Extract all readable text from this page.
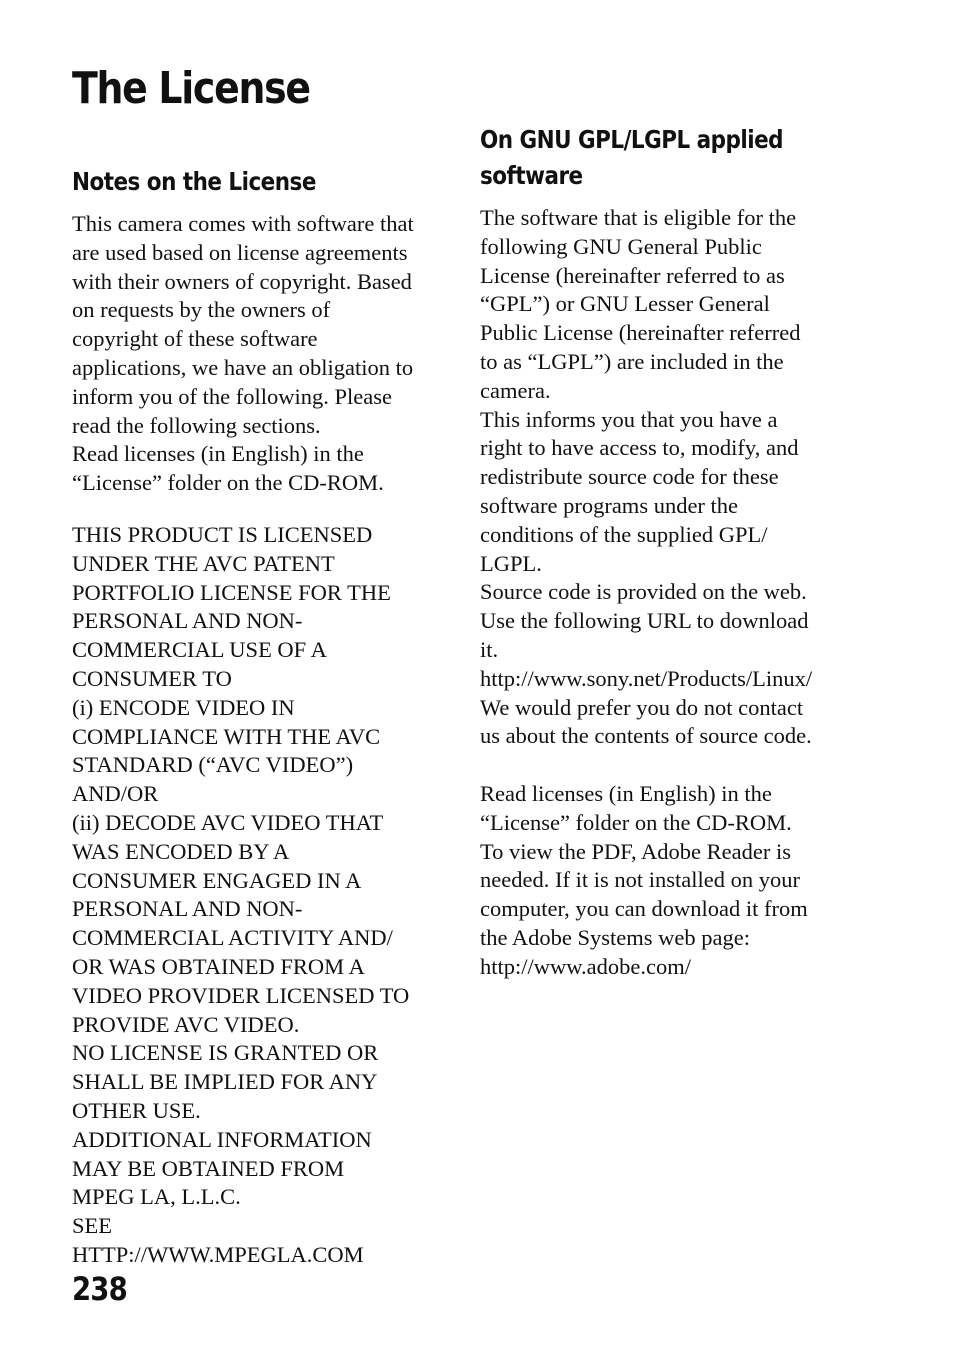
The License
Notes on the License
This camera comes with software that
are used based on license agreements
with their owners of copyright. Based
on requests by the owners of
copyright of these software
applications, we have an obligation to
inform you of the following. Please
read the following sections.
Read licenses (in English) in the
“License” folder on the CD-ROM.
THIS PRODUCT IS LICENSED
UNDER THE AVC PATENT
PORTFOLIO LICENSE FOR THE
PERSONAL AND NON-
COMMERCIAL USE OF A
CONSUMER TO
(i) ENCODE VIDEO IN
COMPLIANCE WITH THE AVC
STANDARD (“AVC VIDEO”)
AND/OR
(ii) DECODE AVC VIDEO THAT
WAS ENCODED BY A
CONSUMER ENGAGED IN A
PERSONAL AND NON-
COMMERCIAL ACTIVITY AND/
OR WAS OBTAINED FROM A
VIDEO PROVIDER LICENSED TO
PROVIDE AVC VIDEO.
NO LICENSE IS GRANTED OR
SHALL BE IMPLIED FOR ANY
OTHER USE.
ADDITIONAL INFORMATION
MAY BE OBTAINED FROM
MPEG LA, L.L.C.
SEE
HTTP://WWW.MPEGLA.COM
On GNU GPL/LGPL applied
software
The software that is eligible for the
following GNU General Public
License (hereinafter referred to as
“GPL”) or GNU Lesser General
Public License (hereinafter referred
to as “LGPL”) are included in the
camera.
This informs you that you have a
right to have access to, modify, and
redistribute source code for these
software programs under the
conditions of the supplied GPL/
LGPL.
Source code is provided on the web.
Use the following URL to download
it.
http://www.sony.net/Products/Linux/
We would prefer you do not contact
us about the contents of source code.
Read licenses (in English) in the
“License” folder on the CD-ROM.
To view the PDF, Adobe Reader is
needed. If it is not installed on your
computer, you can download it from
the Adobe Systems web page:
http://www.adobe.com/
238
